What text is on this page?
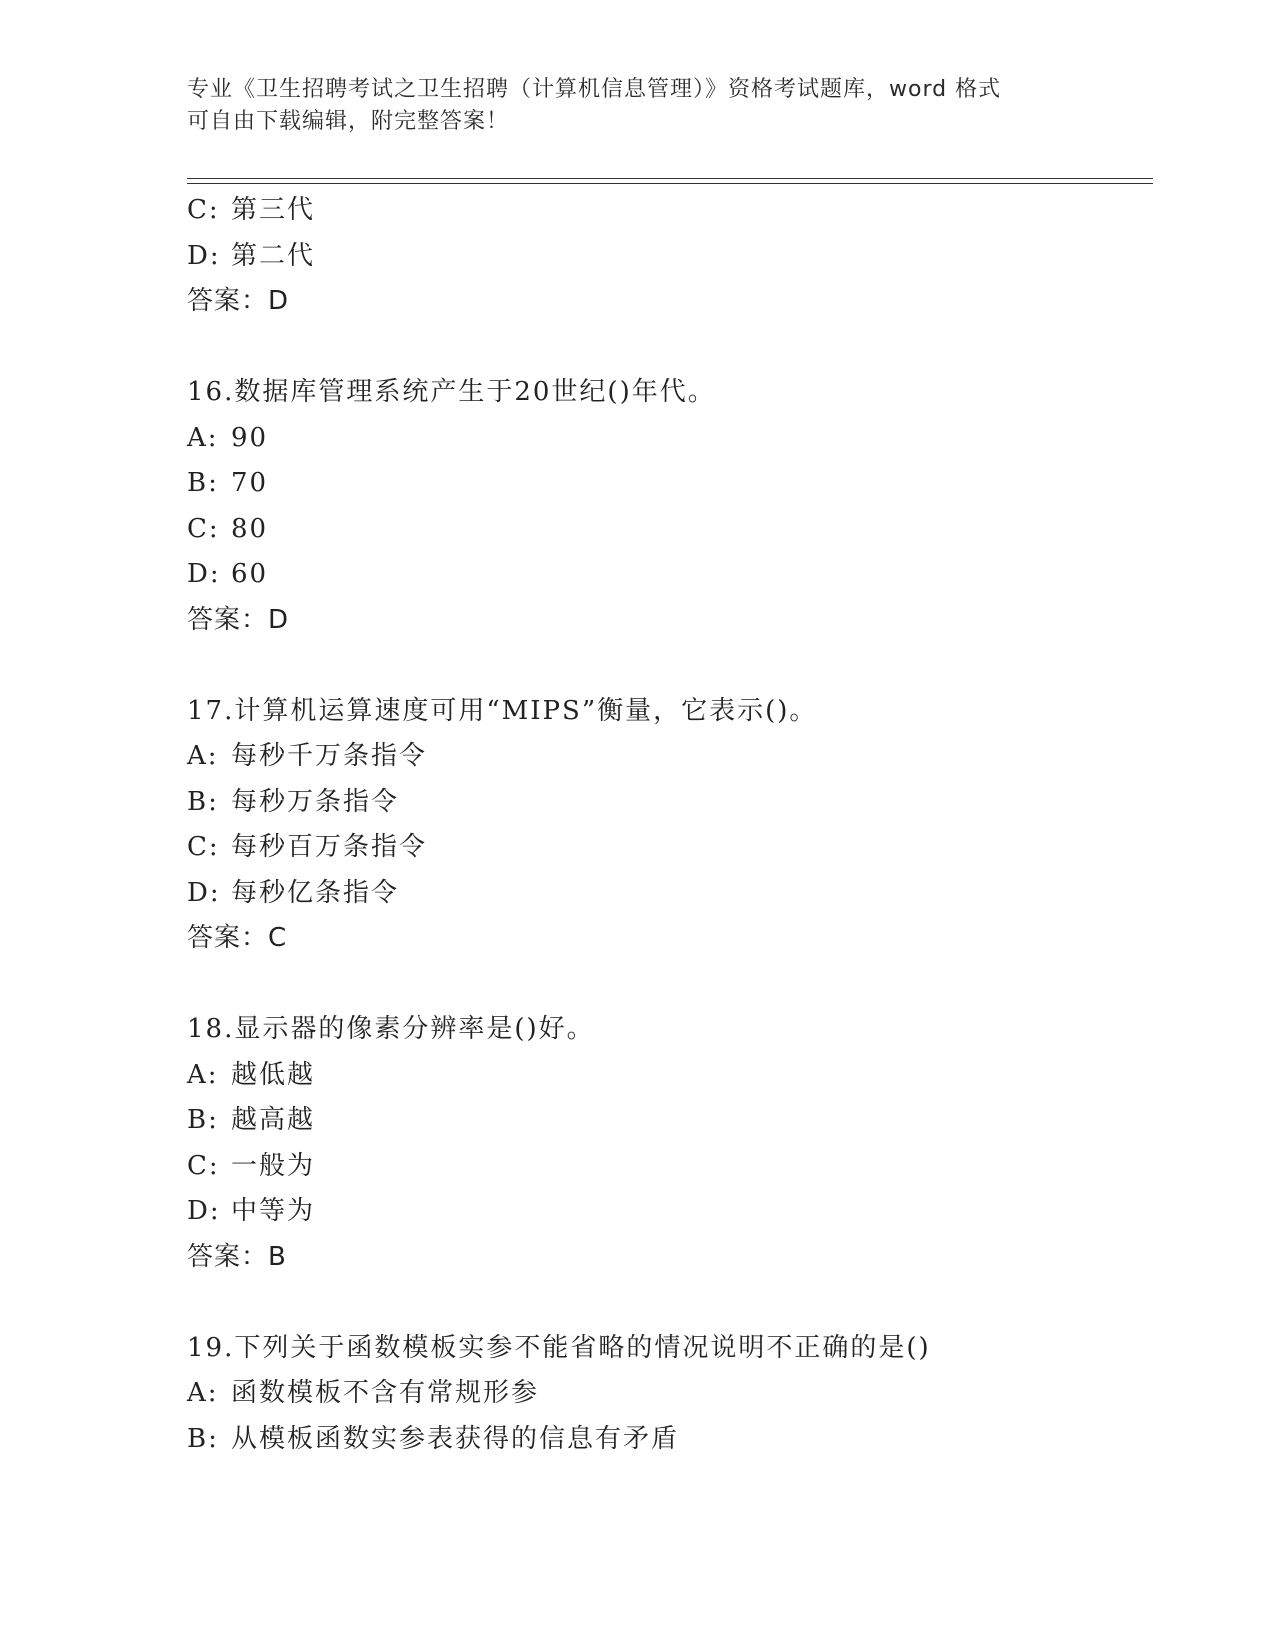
专业《卫生招聘考试之卫生招聘（计算机信息管理）》资格考试题库，word 格式
可自由下载编辑，附完整答案！
C: 第三代
D: 第二代
答案：D
16.数据库管理系统产生于20世纪()年代。
A: 90
B: 70
C: 80
D: 60
答案：D
17.计算机运算速度可用“MIPS”衡量，它表示()。
A: 每秒千万条指令
B: 每秒万条指令
C: 每秒百万条指令
D: 每秒亿条指令
答案：C
18.显示器的像素分辨率是()好。
A: 越低越
B: 越高越
C: 一般为
D: 中等为
答案：B
19.下列关于函数模板实参不能省略的情况说明不正确的是()
A: 函数模板不含有常规形参
B: 从模板函数实参表获得的信息有矛盾
